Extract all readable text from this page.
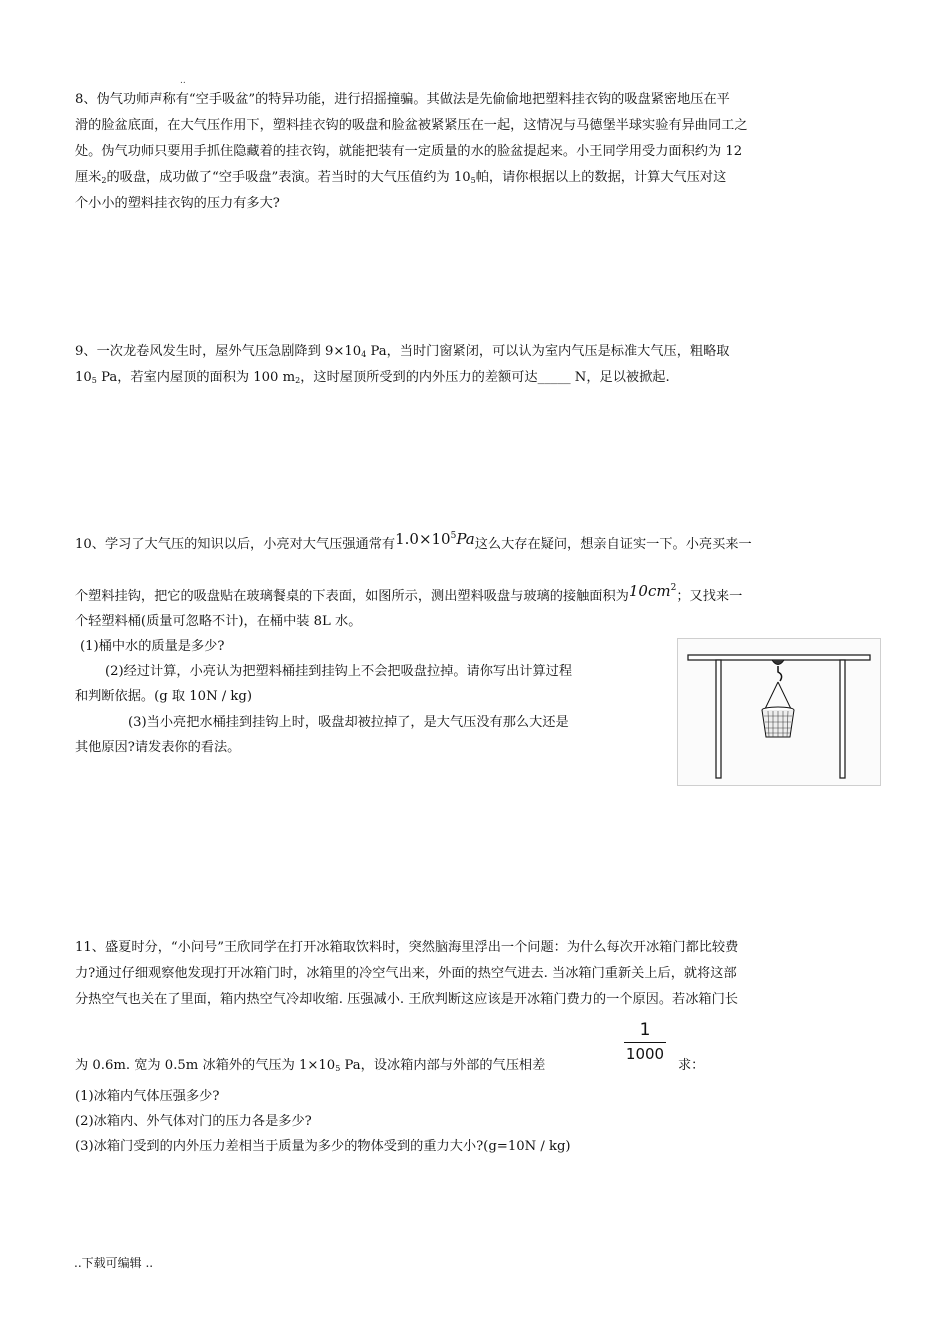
..
8、伪气功师声称有“空手吸盆”的特异功能，进行招摇撞骗。其做法是先偷偷地把塑料挂衣钩的吸盘紧密地压在平
滑的脸盆底面，在大气压作用下，塑料挂衣钩的吸盘和脸盆被紧紧压在一起，这情况与马德堡半球实验有异曲同工之
处。伪气功师只要用手抓住隐藏着的挂衣钩，就能把装有一定质量的水的脸盆提起来。小王同学用受力面积约为 12
厘米2的吸盘，成功做了“空手吸盘”表演。若当时的大气压值约为 105帕，请你根据以上的数据，计算大气压对这
个小小的塑料挂衣钩的压力有多大?
9、一次龙卷风发生时，屋外气压急剧降到 9×104 Pa，当时门窗紧闭，可以认为室内气压是标准大气压，粗略取
105 Pa，若室内屋顶的面积为 100 m2，这时屋顶所受到的内外压力的差额可达_____ N，足以被掀起.
10、学习了大气压的知识以后，小亮对大气压强通常有$1.0\times 10^5Pa$这么大存在疑问，想亲自证实一下。小亮买来一
个塑料挂钩，把它的吸盘贴在玻璃餐桌的下表面，如图所示，测出塑料吸盘与玻璃的接触面积为$10cm^2$；又找来一
个轻塑料桶(质量可忽略不计)，在桶中装 8L 水。
(1)桶中水的质量是多少?
(2)经过计算，小亮认为把塑料桶挂到挂钩上不会把吸盘拉掉。请你写出计算过程
和判断依据。(g 取 10N / kg)
(3)当小亮把水桶挂到挂钩上时，吸盘却被拉掉了，是大气压没有那么大还是
其他原因?请发表你的看法。
11、盛夏时分，“小问号”王欣同学在打开冰箱取饮料时，突然脑海里浮出一个问题：为什么每次开冰箱门都比较费
力?通过仔细观察他发现打开冰箱门时，冰箱里的冷空气出来，外面的热空气进去. 当冰箱门重新关上后，就将这部
分热空气也关在了里面，箱内热空气冷却收缩. 压强减小. 王欣判断这应该是开冰箱门费力的一个原因。若冰箱门长
为 0.6m. 宽为 0.5m 冰箱外的气压为 1×105 Pa，设冰箱内部与外部的气压相差
1
1000
求：
(1)冰箱内气体压强多少?
(2)冰箱内、外气体对门的压力各是多少?
(3)冰箱门受到的内外压力差相当于质量为多少的物体受到的重力大小?(g=10N / kg)
..下载可编辑 ..
